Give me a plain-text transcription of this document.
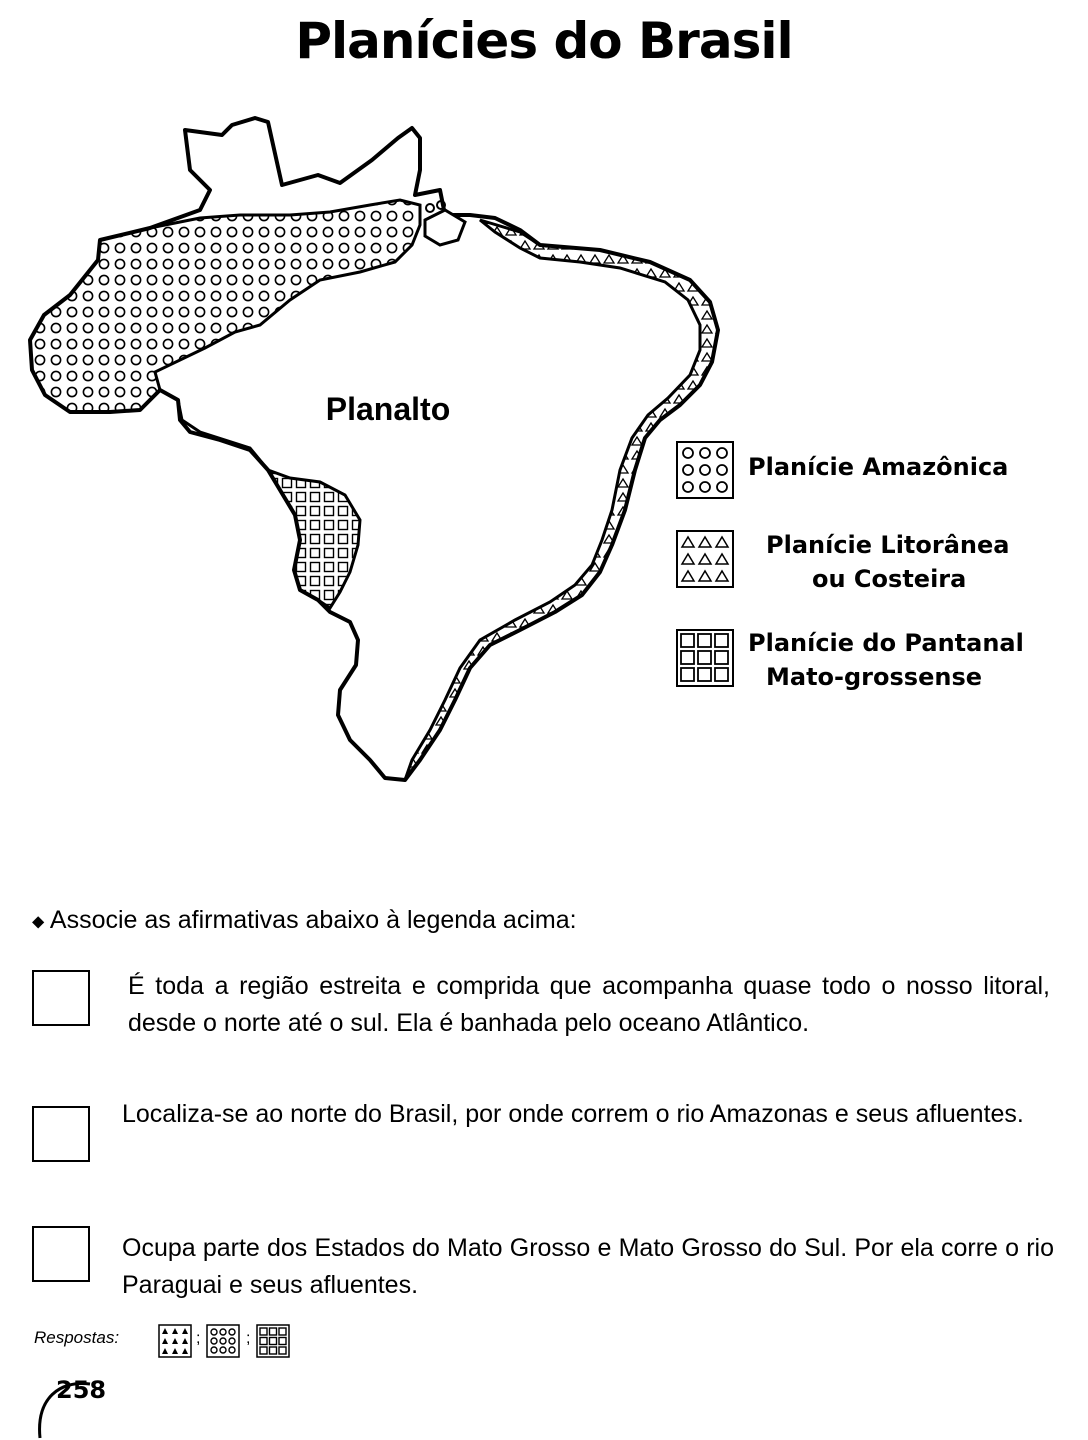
Planícies do Brasil
Planalto
Planície Amazônica
Planície Litorânea
ou Costeira
Planície do Pantanal
Mato-grossense
◆ Associe as afirmativas abaixo à legenda acima:
É toda a região estreita e comprida que acompanha quase todo o nosso litoral, desde o norte até o sul. Ela é banhada pelo oceano Atlântico.
Localiza-se ao norte do Brasil, por onde correm o rio Amazonas e seus afluentes.
Ocupa parte dos Estados do Mato Grosso e Mato Grosso do Sul. Por ela corre o rio Paraguai e seus afluentes.
Respostas:	;	;
258
